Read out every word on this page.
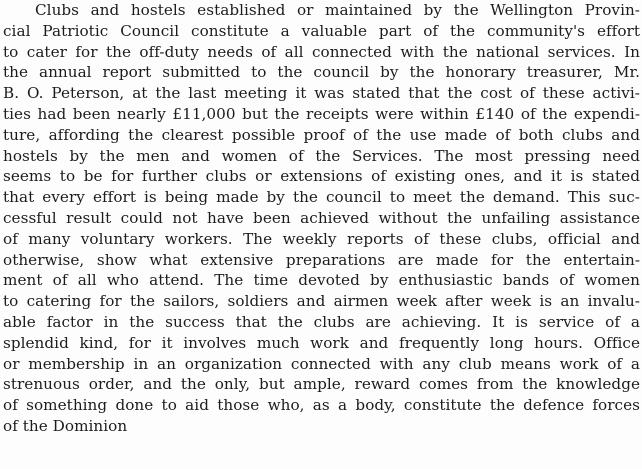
Clubs and hostels established or maintained by the Wellington Provin-
cial Patriotic Council constitute a valuable part of the community's effort
to cater for the off-duty needs of all connected with the national services. In
the annual report submitted to the council by the honorary treasurer, Mr.
B. O. Peterson, at the last meeting it was stated that the cost of these activi-
ties had been nearly £11,000 but the receipts were within £140 of the expendi-
ture, affording the clearest possible proof of the use made of both clubs and
hostels by the men and women of the Services. The most pressing need
seems to be for further clubs or extensions of existing ones, and it is stated
that every effort is being made by the council to meet the demand. This suc-
cessful result could not have been achieved without the unfailing assistance
of many voluntary workers. The weekly reports of these clubs, official and
otherwise, show what extensive preparations are made for the entertain-
ment of all who attend. The time devoted by enthusiastic bands of women
to catering for the sailors, soldiers and airmen week after week is an invalu-
able factor in the success that the clubs are achieving. It is service of a
splendid kind, for it involves much work and frequently long hours. Office
or membership in an organization connected with any club means work of a
strenuous order, and the only, but ample, reward comes from the knowledge
of something done to aid those who, as a body, constitute the defence forces
of the Dominion
